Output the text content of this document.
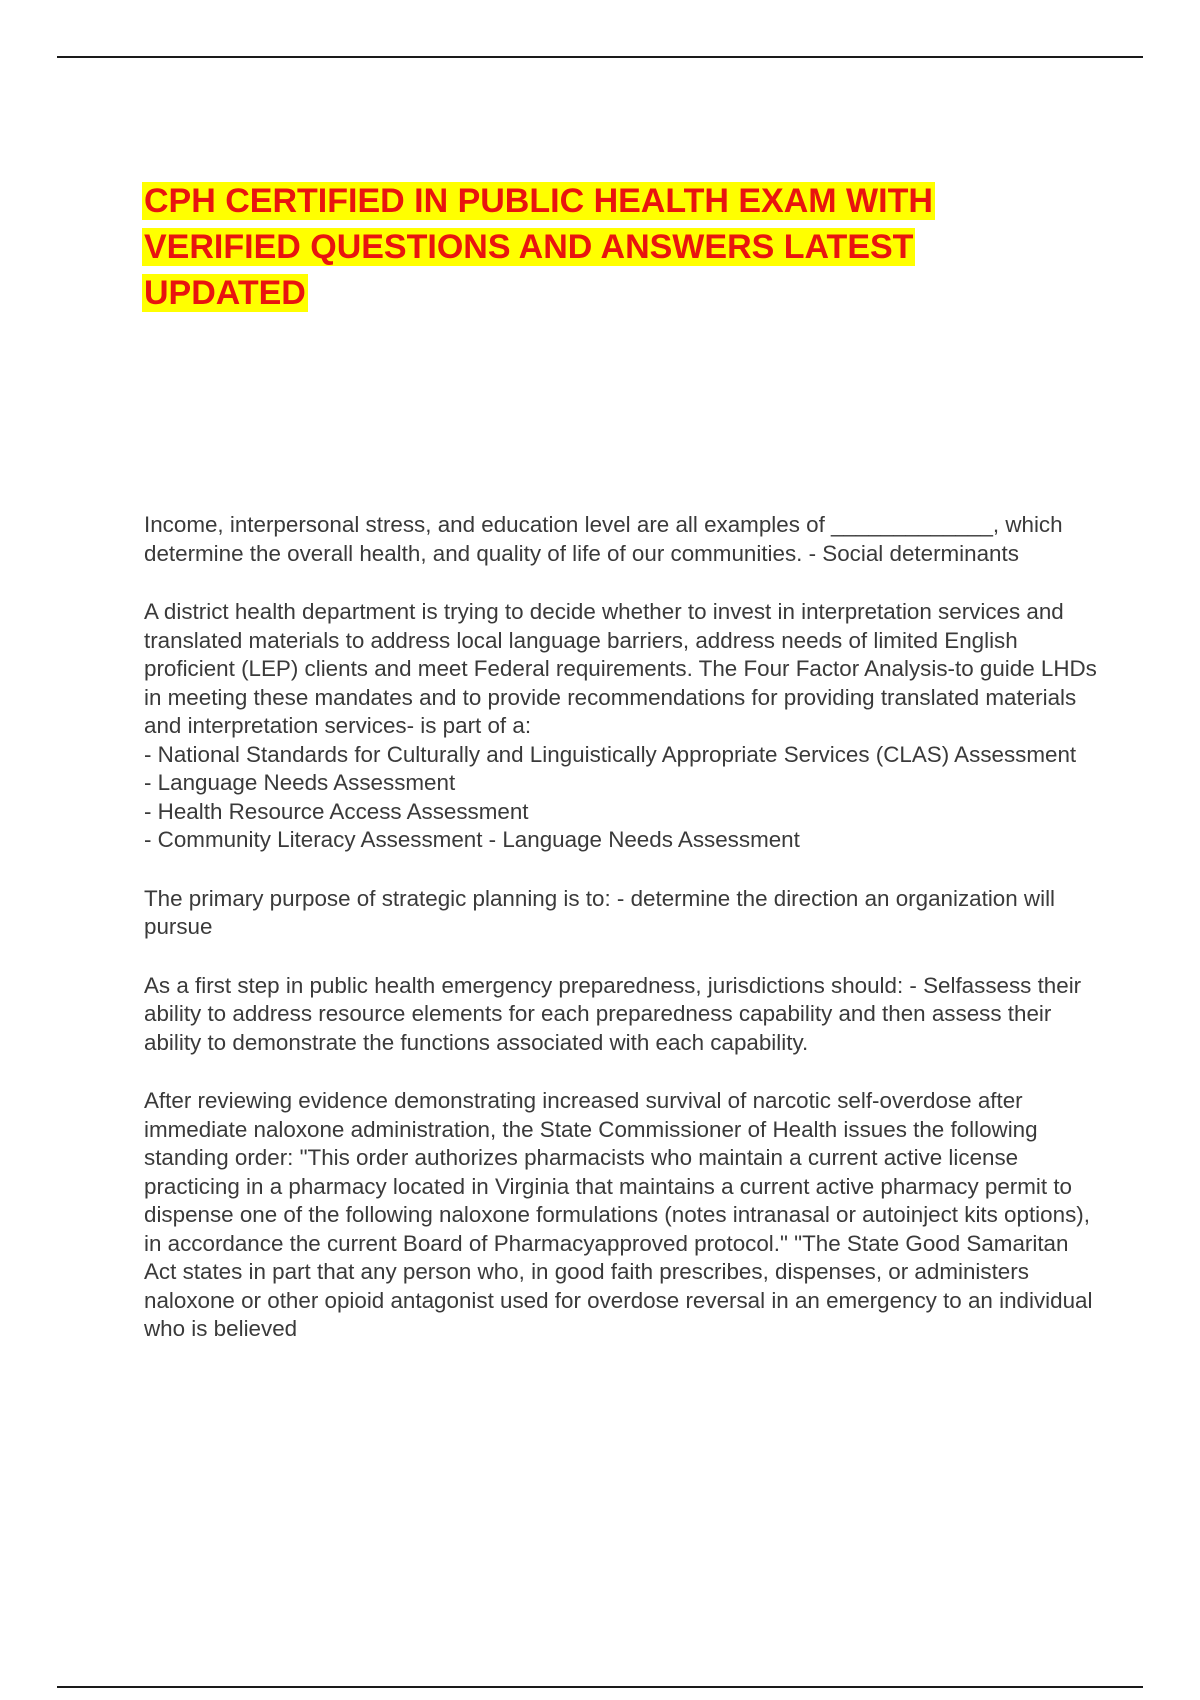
CPH CERTIFIED IN PUBLIC HEALTH EXAM WITH VERIFIED QUESTIONS AND ANSWERS LATEST UPDATED

Income, interpersonal stress, and education level are all examples of _____________, which determine the overall health, and quality of life of our communities. - Social determinants

A district health department is trying to decide whether to invest in interpretation services and translated materials to address local language barriers, address needs of limited English proficient (LEP) clients and meet Federal requirements. The Four Factor Analysis-to guide LHDs in meeting these mandates and to provide recommendations for providing translated materials and interpretation services- is part of a:
- National Standards for Culturally and Linguistically Appropriate Services (CLAS) Assessment
- Language Needs Assessment
- Health Resource Access Assessment
- Community Literacy Assessment - Language Needs Assessment

The primary purpose of strategic planning is to: - determine the direction an organization will pursue

As a first step in public health emergency preparedness, jurisdictions should: - Selfassess their ability to address resource elements for each preparedness capability and then assess their ability to demonstrate the functions associated with each capability.

After reviewing evidence demonstrating increased survival of narcotic self-overdose after immediate naloxone administration, the State Commissioner of Health issues the following standing order: "This order authorizes pharmacists who maintain a current active license practicing in a pharmacy located in Virginia that maintains a current active pharmacy permit to dispense one of the following naloxone formulations (notes intranasal or autoinject kits options), in accordance the current Board of Pharmacyapproved protocol." "The State Good Samaritan Act states in part that any person who, in good faith prescribes, dispenses, or administers naloxone or other opioid antagonist used for overdose reversal in an emergency to an individual who is believed
